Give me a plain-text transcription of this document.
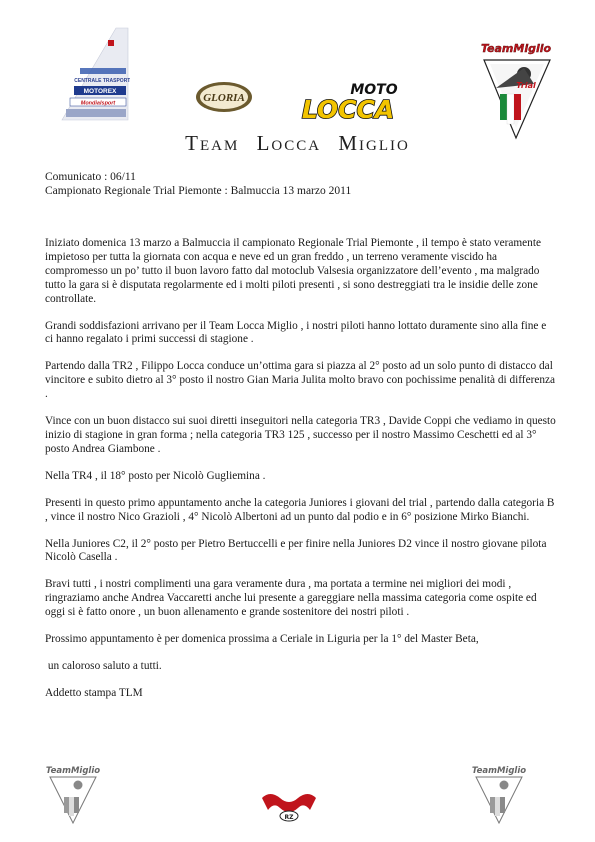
CENTRALE TRASPORTI
MOTOREX
Mondialsport	GLORIA	MOTO
LOCCA
TeamMiglio
Trial
Team Locca Miglio
Comunicato : 06/11
Campionato Regionale Trial Piemonte : Balmuccia 13 marzo 2011

Iniziato domenica 13 marzo a Balmuccia il campionato Regionale Trial Piemonte , il tempo è stato veramente impietoso per tutta la giornata con acqua e neve ed un gran freddo , un terreno veramente viscido ha compromesso un po’ tutto il buon lavoro fatto dal motoclub Valsesia organizzatore dell’evento , ma malgrado tutto la gara si è disputata regolarmente ed i molti piloti presenti , si sono destreggiati tra le insidie delle zone controllate.

Grandi soddisfazioni arrivano per il Team Locca Miglio , i nostri piloti hanno lottato duramente sino alla fine e ci hanno regalato i primi successi di stagione .

Partendo dalla TR2 , Filippo Locca conduce un’ottima gara si piazza al 2° posto ad un solo punto di distacco dal vincitore e subito dietro al 3° posto il nostro Gian Maria Julita molto bravo con pochissime penalità di differenza .

Vince con un buon distacco sui suoi diretti inseguitori nella categoria TR3 , Davide Coppi che vediamo in questo inizio di stagione in gran forma ; nella categoria TR3 125 , successo per il nostro Massimo Ceschetti ed al 3° posto Andrea Giambone .

Nella TR4 , il 18° posto per Nicolò Gugliemina .

Presenti in questo primo appuntamento anche la categoria Juniores i giovani del trial , partendo dalla categoria B , vince il nostro Nico Grazioli , 4° Nicolò Albertoni ad un punto dal podio e in 6° posizione Mirko Bianchi.

Nella Juniores C2, il 2° posto per Pietro Bertuccelli e per finire nella Juniores D2 vince il nostro giovane pilota Nicolò Casella .

Bravi tutti , i nostri complimenti una gara veramente dura , ma portata a termine nei migliori dei modi , ringraziamo anche Andrea Vaccaretti anche lui presente a gareggiare nella massima categoria come ospite ed oggi si è fatto onore , un buon allenamento e grande sostenitore dei nostri piloti .

Prossimo appuntamento è per domenica prossima a Ceriale in Liguria per la 1° del Master Beta,

un caloroso saluto a tutti.

Addetto stampa TLM

TeamMiglio
RZ
TeamMiglio
